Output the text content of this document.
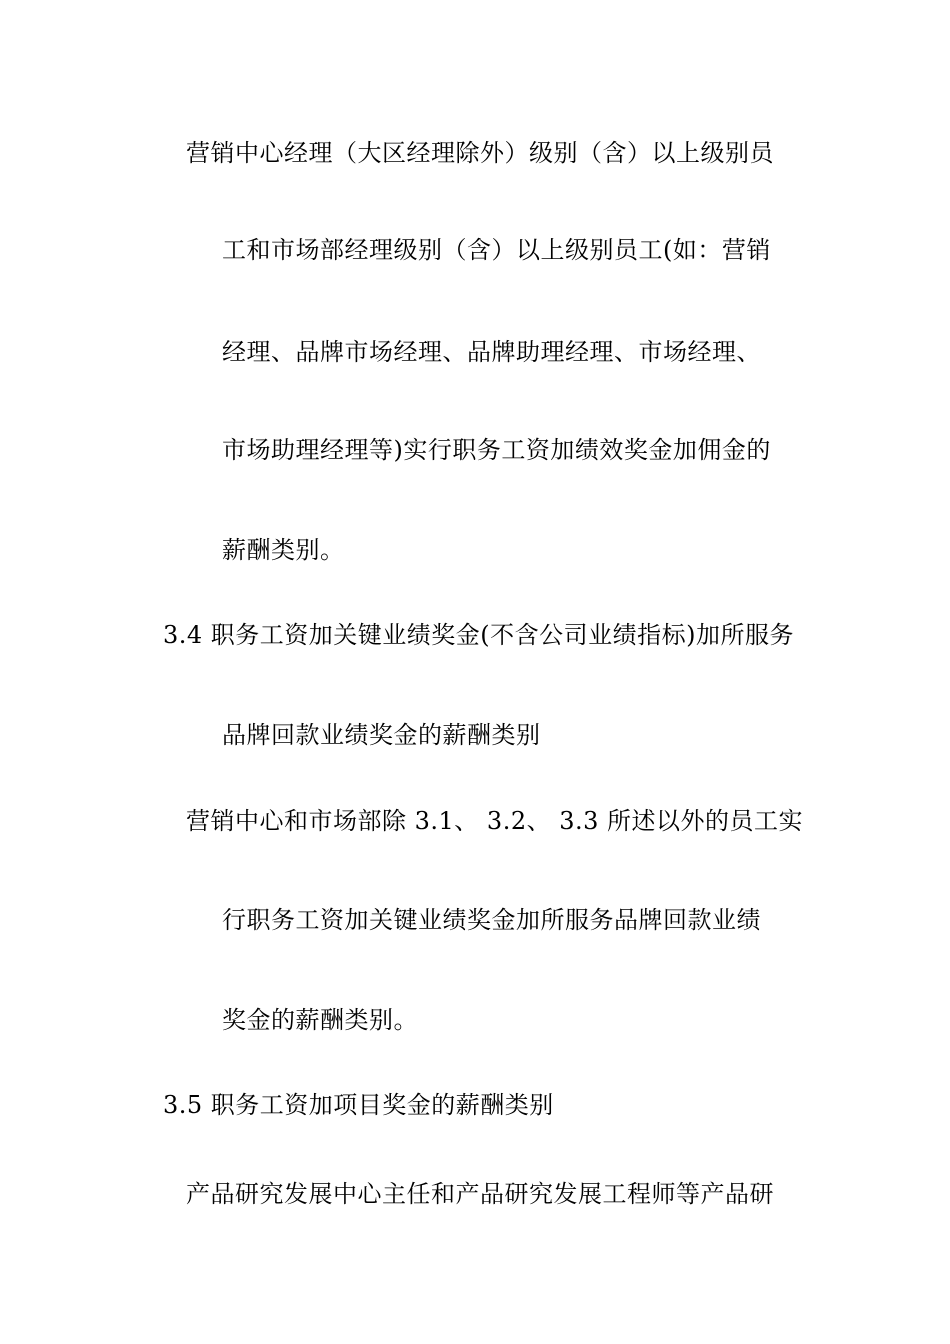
营销中心经理（大区经理除外）级别（含）以上级别员
工和市场部经理级别（含）以上级别员工(如：营销
经理、品牌市场经理、品牌助理经理、市场经理、
市场助理经理等)实行职务工资加绩效奖金加佣金的
薪酬类别。
3.4 职务工资加关键业绩奖金(不含公司业绩指标)加所服务
品牌回款业绩奖金的薪酬类别
营销中心和市场部除 3.1、 3.2、 3.3 所述以外的员工实
行职务工资加关键业绩奖金加所服务品牌回款业绩
奖金的薪酬类别。
3.5 职务工资加项目奖金的薪酬类别
产品研究发展中心主任和产品研究发展工程师等产品研
